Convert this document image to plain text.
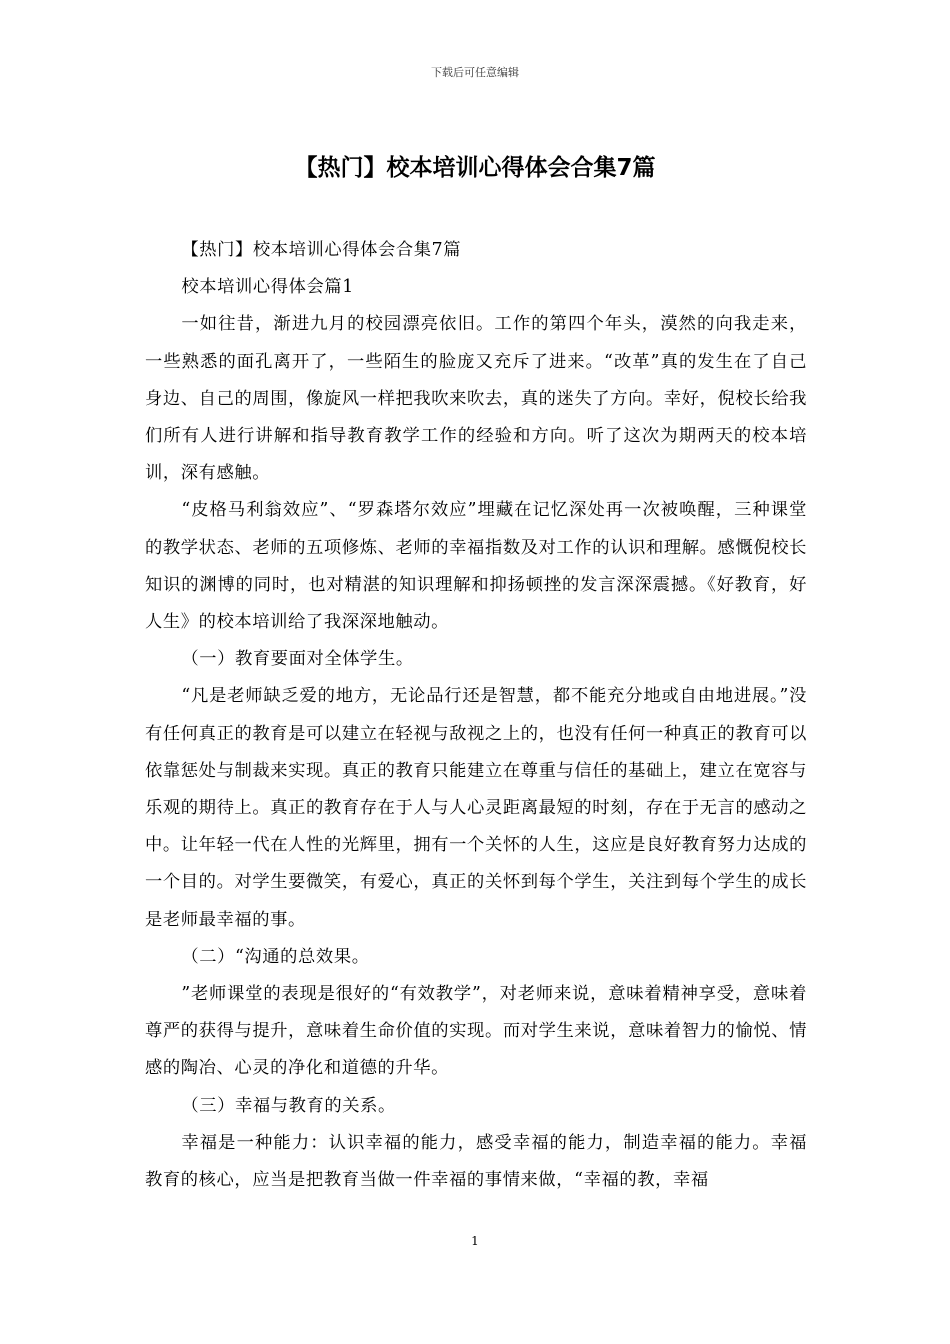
下载后可任意编辑
【热门】校本培训心得体会合集7篇

【热门】校本培训心得体会合集7篇

校本培训心得体会篇1

一如往昔，渐进九月的校园漂亮依旧。工作的第四个年头，漠然的向我走来，一些熟悉的面孔离开了，一些陌生的脸庞又充斥了进来。“改革”真的发生在了自己身边、自己的周围，像旋风一样把我吹来吹去，真的迷失了方向。幸好，倪校长给我们所有人进行讲解和指导教育教学工作的经验和方向。听了这次为期两天的校本培训，深有感触。

“皮格马利翁效应”、“罗森塔尔效应”埋藏在记忆深处再一次被唤醒，三种课堂的教学状态、老师的五项修炼、老师的幸福指数及对工作的认识和理解。感慨倪校长知识的渊博的同时，也对精湛的知识理解和抑扬顿挫的发言深深震撼。《好教育，好人生》的校本培训给了我深深地触动。

（一）教育要面对全体学生。

“凡是老师缺乏爱的地方，无论品行还是智慧，都不能充分地或自由地进展。”没有任何真正的教育是可以建立在轻视与敌视之上的，也没有任何一种真正的教育可以依靠惩处与制裁来实现。真正的教育只能建立在尊重与信任的基础上，建立在宽容与乐观的期待上。真正的教育存在于人与人心灵距离最短的时刻，存在于无言的感动之中。让年轻一代在人性的光辉里，拥有一个关怀的人生，这应是良好教育努力达成的一个目的。对学生要微笑，有爱心，真正的关怀到每个学生，关注到每个学生的成长是老师最幸福的事。

（二）“沟通的总效果。

”老师课堂的表现是很好的“有效教学”，对老师来说，意味着精神享受，意味着尊严的获得与提升，意味着生命价值的实现。而对学生来说，意味着智力的愉悦、情感的陶冶、心灵的净化和道德的升华。

（三）幸福与教育的关系。

幸福是一种能力：认识幸福的能力，感受幸福的能力，制造幸福的能力。幸福教育的核心，应当是把教育当做一件幸福的事情来做，“幸福的教，幸福

1
